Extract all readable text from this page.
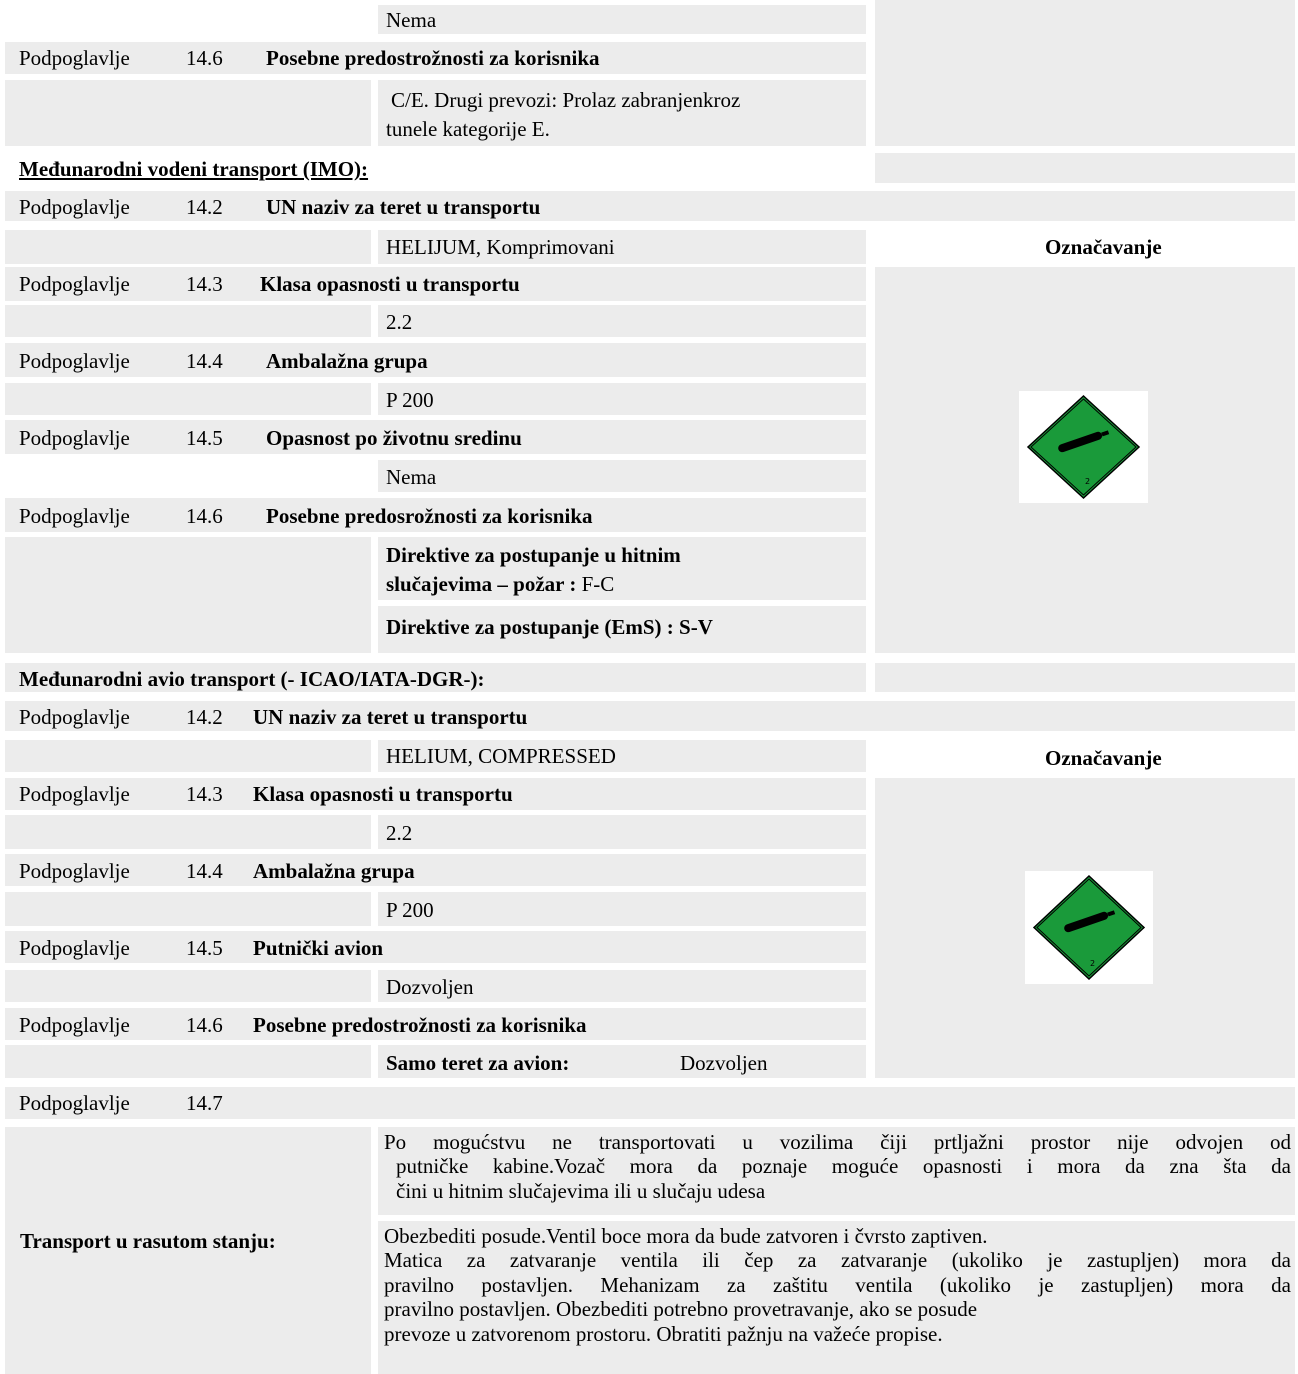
Nema
Podpoglavlje	14.6 Posebne predostrožnosti za korisnika
C/E. Drugi prevozi: Prolaz zabranjenkroz
tunele kategorije E.
Međunarodni vodeni transport (IMO):
Podpoglavlje	14.2 UN naziv za teret u transportu
HELIJUM, Komprimovani	Označavanje
Podpoglavlje	14.3 Klasa opasnosti u transportu
2.2
Podpoglavlje	14.4 Ambalažna grupa
P 200
Podpoglavlje	14.5 Opasnost po životnu sredinu
Nema
Podpoglavlje	14.6 Posebne predosrožnosti za korisnika
Direktive za postupanje u hitnim
slučajevima – požar : F-C
Direktive za postupanje (EmS) : S-V
2
Međunarodni avio transport (- ICAO/IATA-DGR-):
Podpoglavlje	14.2 UN naziv za teret u transportu
HELIUM, COMPRESSED	Označavanje
Podpoglavlje	14.3 Klasa opasnosti u transportu
2.2
Podpoglavlje	14.4 Ambalažna grupa
P 200
Podpoglavlje	14.5 Putnički avion
Dozvoljen
Podpoglavlje	14.6 Posebne predostrožnosti za korisnika
Samo teret za avion:	Dozvoljen
2
Podpoglavlje	14.7
Transport u rasutom stanju:
Po mogućstvu ne transportovati u vozilima čiji prtljažni prostor nije odvojen od
putničke kabine.Vozač mora da poznaje moguće opasnosti i mora da zna šta da
čini u hitnim slučajevima ili u slučaju udesa
Obezbediti posude.Ventil boce mora da bude zatvoren i čvrsto zaptiven.
Matica za zatvaranje ventila ili čep za zatvaranje (ukoliko je zastupljen) mora da
pravilno postavljen. Mehanizam za zaštitu ventila (ukoliko je zastupljen) mora da
pravilno postavljen. Obezbediti potrebno provetravanje, ako se posude
prevoze u zatvorenom prostoru. Obratiti pažnju na važeće propise.
